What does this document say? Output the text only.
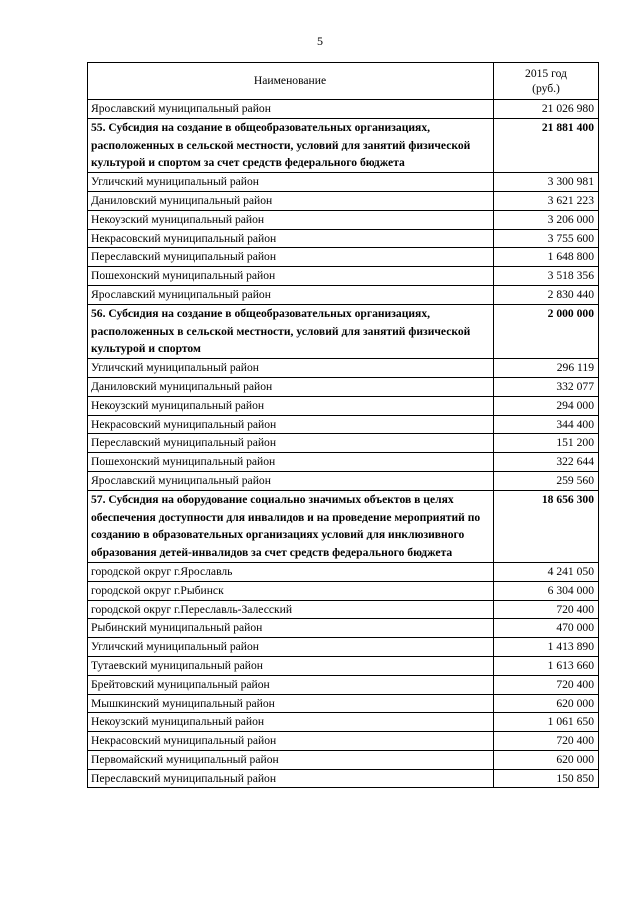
5
Наименование	2015 год
(руб.)

Ярославский муниципальный район	21 026 980
55. Субсидия на создание в общеобразовательных организациях, расположенных в сельской местности, условий для занятий физической культурой и спортом за счет средств федерального бюджета	21 881 400
Угличский муниципальный район	3 300 981
Даниловский муниципальный район	3 621 223
Некоузский муниципальный район	3 206 000
Некрасовский муниципальный район	3 755 600
Переславский муниципальный район	1 648 800
Пошехонский муниципальный район	3 518 356
Ярославский муниципальный район	2 830 440
56. Субсидия на создание в общеобразовательных организациях, расположенных в сельской местности, условий для занятий физической культурой и спортом	2 000 000
Угличский муниципальный район	296 119
Даниловский муниципальный район	332 077
Некоузский муниципальный район	294 000
Некрасовский муниципальный район	344 400
Переславский муниципальный район	151 200
Пошехонский муниципальный район	322 644
Ярославский муниципальный район	259 560
57. Субсидия на оборудование социально значимых объектов в целях обеспечения доступности для инвалидов и на проведение мероприятий по созданию в образовательных организациях условий для инклюзивного образования детей-инвалидов за счет средств федерального бюджета	18 656 300
городской округ г.Ярославль	4 241 050
городской округ г.Рыбинск	6 304 000
городской округ г.Переславль-Залесский	720 400
Рыбинский муниципальный район	470 000
Угличский муниципальный район	1 413 890
Тутаевский муниципальный район	1 613 660
Брейтовский муниципальный район	720 400
Мышкинский муниципальный район	620 000
Некоузский муниципальный район	1 061 650
Некрасовский муниципальный район	720 400
Первомайский муниципальный район	620 000
Переславский муниципальный район	150 850
